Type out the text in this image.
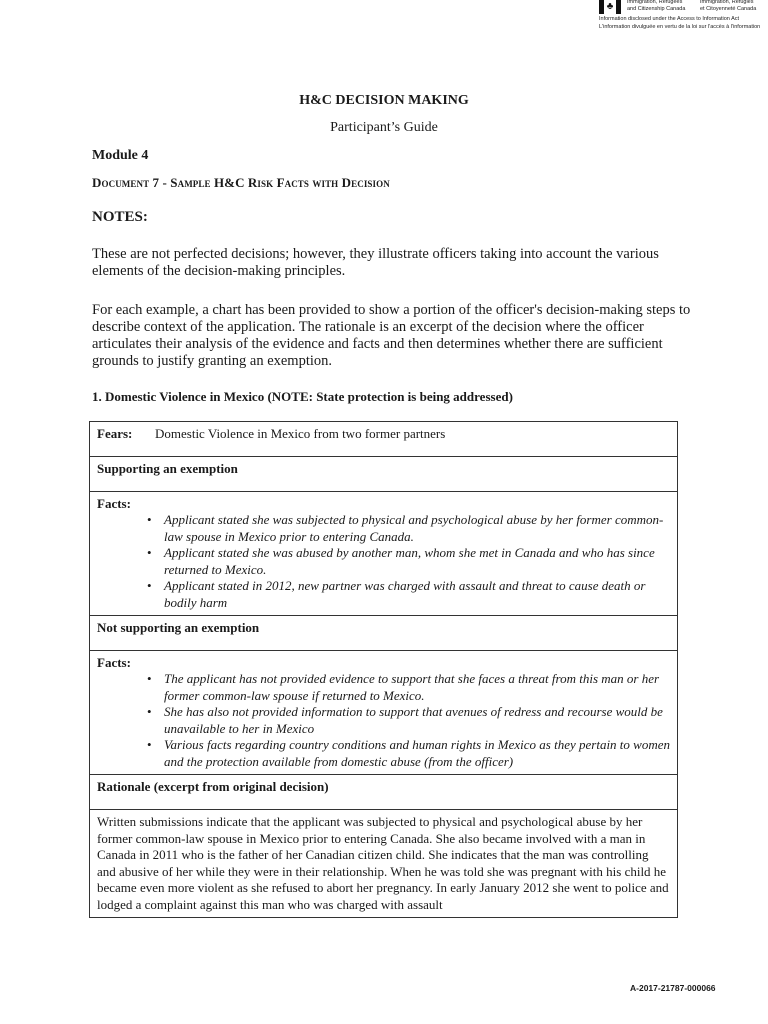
♣	Immigration, Refugees
and Citizenship Canada
Immigration, Réfugiés
et Citoyenneté Canada
Information disclosed under the Access to Information Act
L'information divulguée en vertu de la loi sur l'accès à l'information
H&C DECISION MAKING
Participant’s Guide
Module 4
Document 7 - Sample H&C Risk Facts with Decision
NOTES:
These are not perfected decisions; however, they illustrate officers taking into account the various elements of the decision-making principles.
For each example, a chart has been provided to show a portion of the officer's decision-making steps to describe context of the application. The rationale is an excerpt of the decision where the officer articulates their analysis of the evidence and facts and then determines whether there are sufficient grounds to justify granting an exemption.
1. Domestic Violence in Mexico (NOTE: State protection is being addressed)
Fears: Domestic Violence in Mexico from two former partners
Supporting an exemption

Facts:
• Applicant stated she was subjected to physical and psychological abuse by her former common-law spouse in Mexico prior to entering Canada.
• Applicant stated she was abused by another man, whom she met in Canada and who has since returned to Mexico.
• Applicant stated in 2012, new partner was charged with assault and threat to cause death or bodily harm

Not supporting an exemption

Facts:
• The applicant has not provided evidence to support that she faces a threat from this man or her former common-law spouse if returned to Mexico.
• She has also not provided information to support that avenues of redress and recourse would be unavailable to her in Mexico
• Various facts regarding country conditions and human rights in Mexico as they pertain to women and the protection available from domestic abuse (from the officer)

Rationale (excerpt from original decision)
Written submissions indicate that the applicant was subjected to physical and psychological abuse by her former common-law spouse in Mexico prior to entering Canada. She also became involved with a man in Canada in 2011 who is the father of her Canadian citizen child. She indicates that the man was controlling and abusive of her while they were in their relationship. When he was told she was pregnant with his child he became even more violent as she refused to abort her pregnancy. In early January 2012 she went to police and lodged a complaint against this man who was charged with assault
A-2017-21787-000066
